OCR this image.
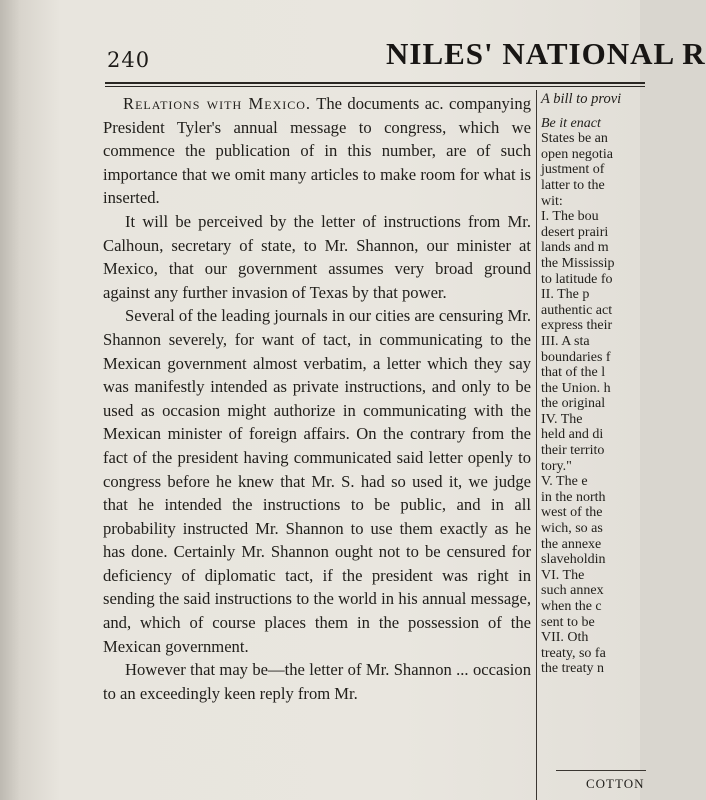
240	NILES' NATIONAL R

Relations with Mexico. The documents ac. companying President Tyler's annual message to congress, which we commence the publication of in this number, are of such importance that we omit many articles to make room for what is inserted.

It will be perceived by the letter of instructions from Mr. Calhoun, secretary of state, to Mr. Shannon, our minister at Mexico, that our government assumes very broad ground against any further invasion of Texas by that power.

Several of the leading journals in our cities are censuring Mr. Shannon severely, for want of tact, in communicating to the Mexican government almost verbatim, a letter which they say was manifestly intended as private instructions, and only to be used as occasion might authorize in communicating with the Mexican minister of foreign affairs. On the contrary from the fact of the president having communicated said letter openly to congress before he knew that Mr. S. had so used it, we judge that he intended the instructions to be public, and in all probability instructed Mr. Shannon to use them exactly as he has done. Certainly Mr. Shannon ought not to be censured for deficiency of diplomatic tact, if the president was right in sending the said instructions to the world in his annual message, and, which of course places them in the possession of the Mexican government.

However that may be—the letter of Mr. Shannon ... occasion to an exceedingly keen reply from Mr.

A bill to provi
Be it enact
States be an
open negotia
justment of
latter to the
wit:
I. The bou
desert prairi
lands and m
the Mississip
to latitude fo
II. The p
authentic act
express their
III. A sta
boundaries f
that of the l
the Union. h
the original
IV. The
held and di
their territo
tory."
V. The e
in the north
west of the
wich, so as
the annexe
slaveholdin
VI. The
such annex
when the c
sent to be
VII. Oth
treaty, so fa
the treaty n
COTTON
